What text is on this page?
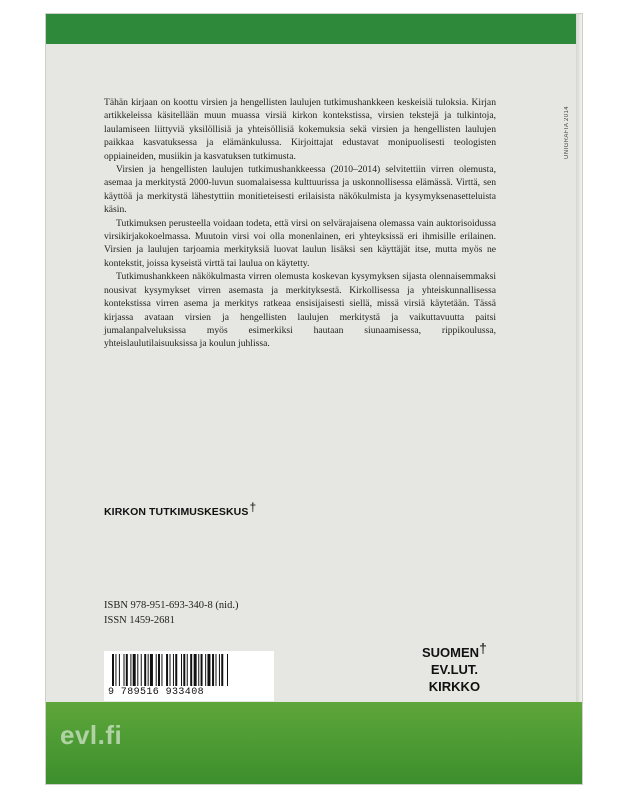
UNIGRAFIA 2014

Tähän kirjaan on koottu virsien ja hengellisten laulujen tutkimushankkeen keskeisiä tuloksia. Kirjan artikkeleissa käsitellään muun muassa virsiä kirkon kontekstissa, virsien tekstejä ja tulkintoja, laulamiseen liittyviä yksilöllisiä ja yhteisöllisiä kokemuksia sekä virsien ja hengellisten laulujen paikkaa kasvatuksessa ja elämänkulussa. Kirjoittajat edustavat monipuolisesti teologisten oppiaineiden, musiikin ja kasvatuksen tutkimusta.

Virsien ja hengellisten laulujen tutkimushankkeessa (2010–2014) selvitettiin virren olemusta, asemaa ja merkitystä 2000-luvun suomalaisessa kulttuurissa ja uskonnollisessa elämässä. Virttä, sen käyttöä ja merkitystä lähestyttiin monitieteisesti erilaisista näkökulmista ja kysymyksenasetteluista käsin.

Tutkimuksen perusteella voidaan todeta, että virsi on selvärajaisena olemassa vain auktorisoidussa virsikirjakokoelmassa. Muutoin virsi voi olla monenlainen, eri yhteyksissä eri ihmisille erilainen. Virsien ja laulujen tarjoamia merkityksiä luovat laulun lisäksi sen käyttäjät itse, mutta myös ne kontekstit, joissa kyseistä virttä tai laulua on käytetty.

Tutkimushankkeen näkökulmasta virren olemusta koskevan kysymyksen sijasta olennaisemmaksi nousivat kysymykset virren asemasta ja merkityksestä. Kirkollisessa ja yhteiskunnallisessa kontekstissa virren asema ja merkitys ratkeaa ensisijaisesti siellä, missä virsiä käytetään. Tässä kirjassa avataan virsien ja hengellisten laulujen merkitystä ja vaikuttavuutta paitsi jumalanpalveluksissa myös esimerkiksi hautaan siunaamisessa, rippikoulussa, yhteislaulutilaisuuksissa ja koulun juhlissa.

KIRKON TUTKIMUSKESKUS†
ISBN 978-951-693-340-8 (nid.)
ISSN 1459-2681
9 789516 933408
SUOMEN†
EV.LUT.
KIRKKO
evl.fi
